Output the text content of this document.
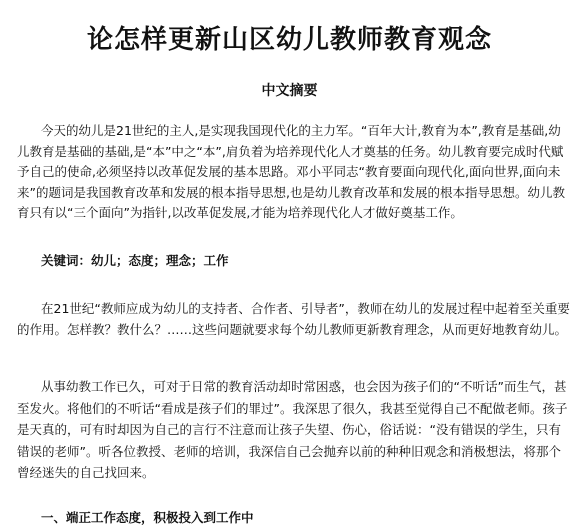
论怎样更新山区幼儿教师教育观念
中文摘要

今天的幼儿是21世纪的主人,是实现我国现代化的主力军。“百年大计,教育为本”,教育是基础,幼儿教育是基础的基础,是“本”中之“本”,肩负着为培养现代化人才奠基的任务。幼儿教育要完成时代赋予自己的使命,必须坚持以改革促发展的基本思路。邓小平同志“教育要面向现代化,面向世界,面向未来”的题词是我国教育改革和发展的根本指导思想,也是幼儿教育改革和发展的根本指导思想。幼儿教育只有以“三个面向”为指针,以改革促发展,才能为培养现代化人才做好奠基工作。

关键词：幼儿；态度；理念；工作

在21世纪“教师应成为幼儿的支持者、合作者、引导者”，教师在幼儿的发展过程中起着至关重要的作用。怎样教？教什么？……这些问题就要求每个幼儿教师更新教育理念，从而更好地教育幼儿。

从事幼教工作已久，可对于日常的教育活动却时常困惑，也会因为孩子们的“不听话”而生气，甚至发火。将他们的不听话“看成是孩子们的罪过”。我深思了很久，我甚至觉得自己不配做老师。孩子是天真的，可有时却因为自己的言行不注意而让孩子失望、伤心，俗话说：“没有错误的学生，只有错误的老师”。听各位教授、老师的培训，我深信自己会抛弃以前的种种旧观念和消极想法，将那个曾经迷失的自己找回来。

一、端正工作态度，积极投入到工作中
